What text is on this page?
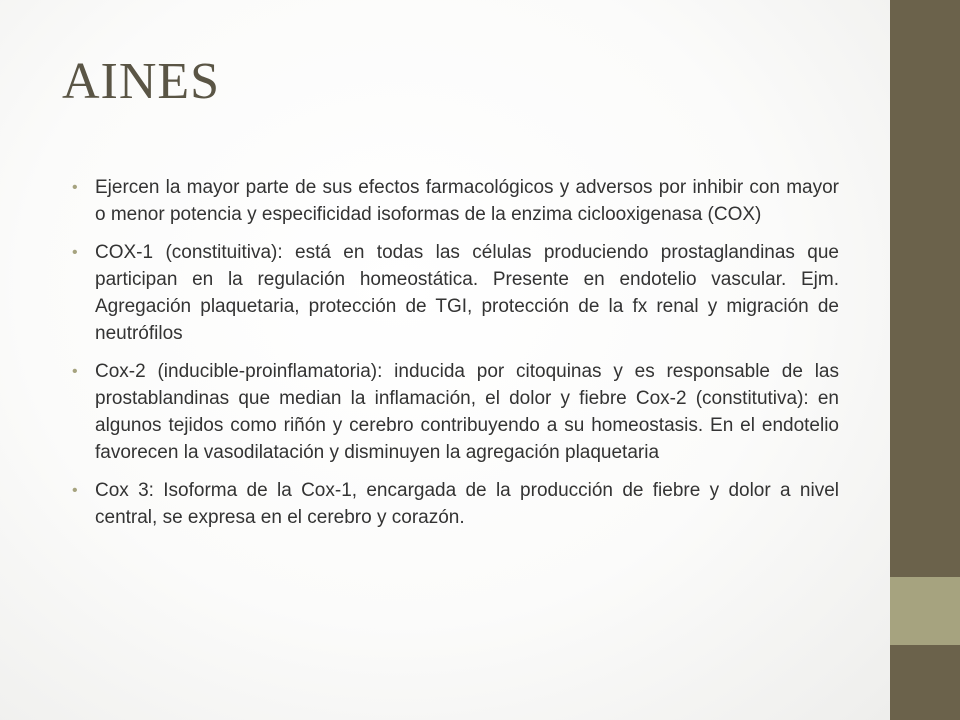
AINES
• Ejercen la mayor parte de sus efectos farmacológicos y adversos por inhibir con mayor o menor potencia y especificidad isoformas de la enzima ciclooxigenasa (COX)
• COX-1 (constituitiva): está en todas las células produciendo prostaglandinas que participan en la regulación homeostática. Presente en endotelio vascular. Ejm. Agregación plaquetaria, protección de TGI, protección de la fx renal y migración de neutrófilos
• Cox-2 (inducible-proinflamatoria): inducida por citoquinas y es responsable de las prostablandinas que median la inflamación, el dolor y fiebre Cox-2 (constitutiva): en algunos tejidos como riñón y cerebro contribuyendo a su homeostasis. En el endotelio favorecen la vasodilatación y disminuyen la agregación plaquetaria
• Cox 3: Isoforma de la Cox-1, encargada de la producción de fiebre y dolor a nivel central, se expresa en el cerebro y corazón.
